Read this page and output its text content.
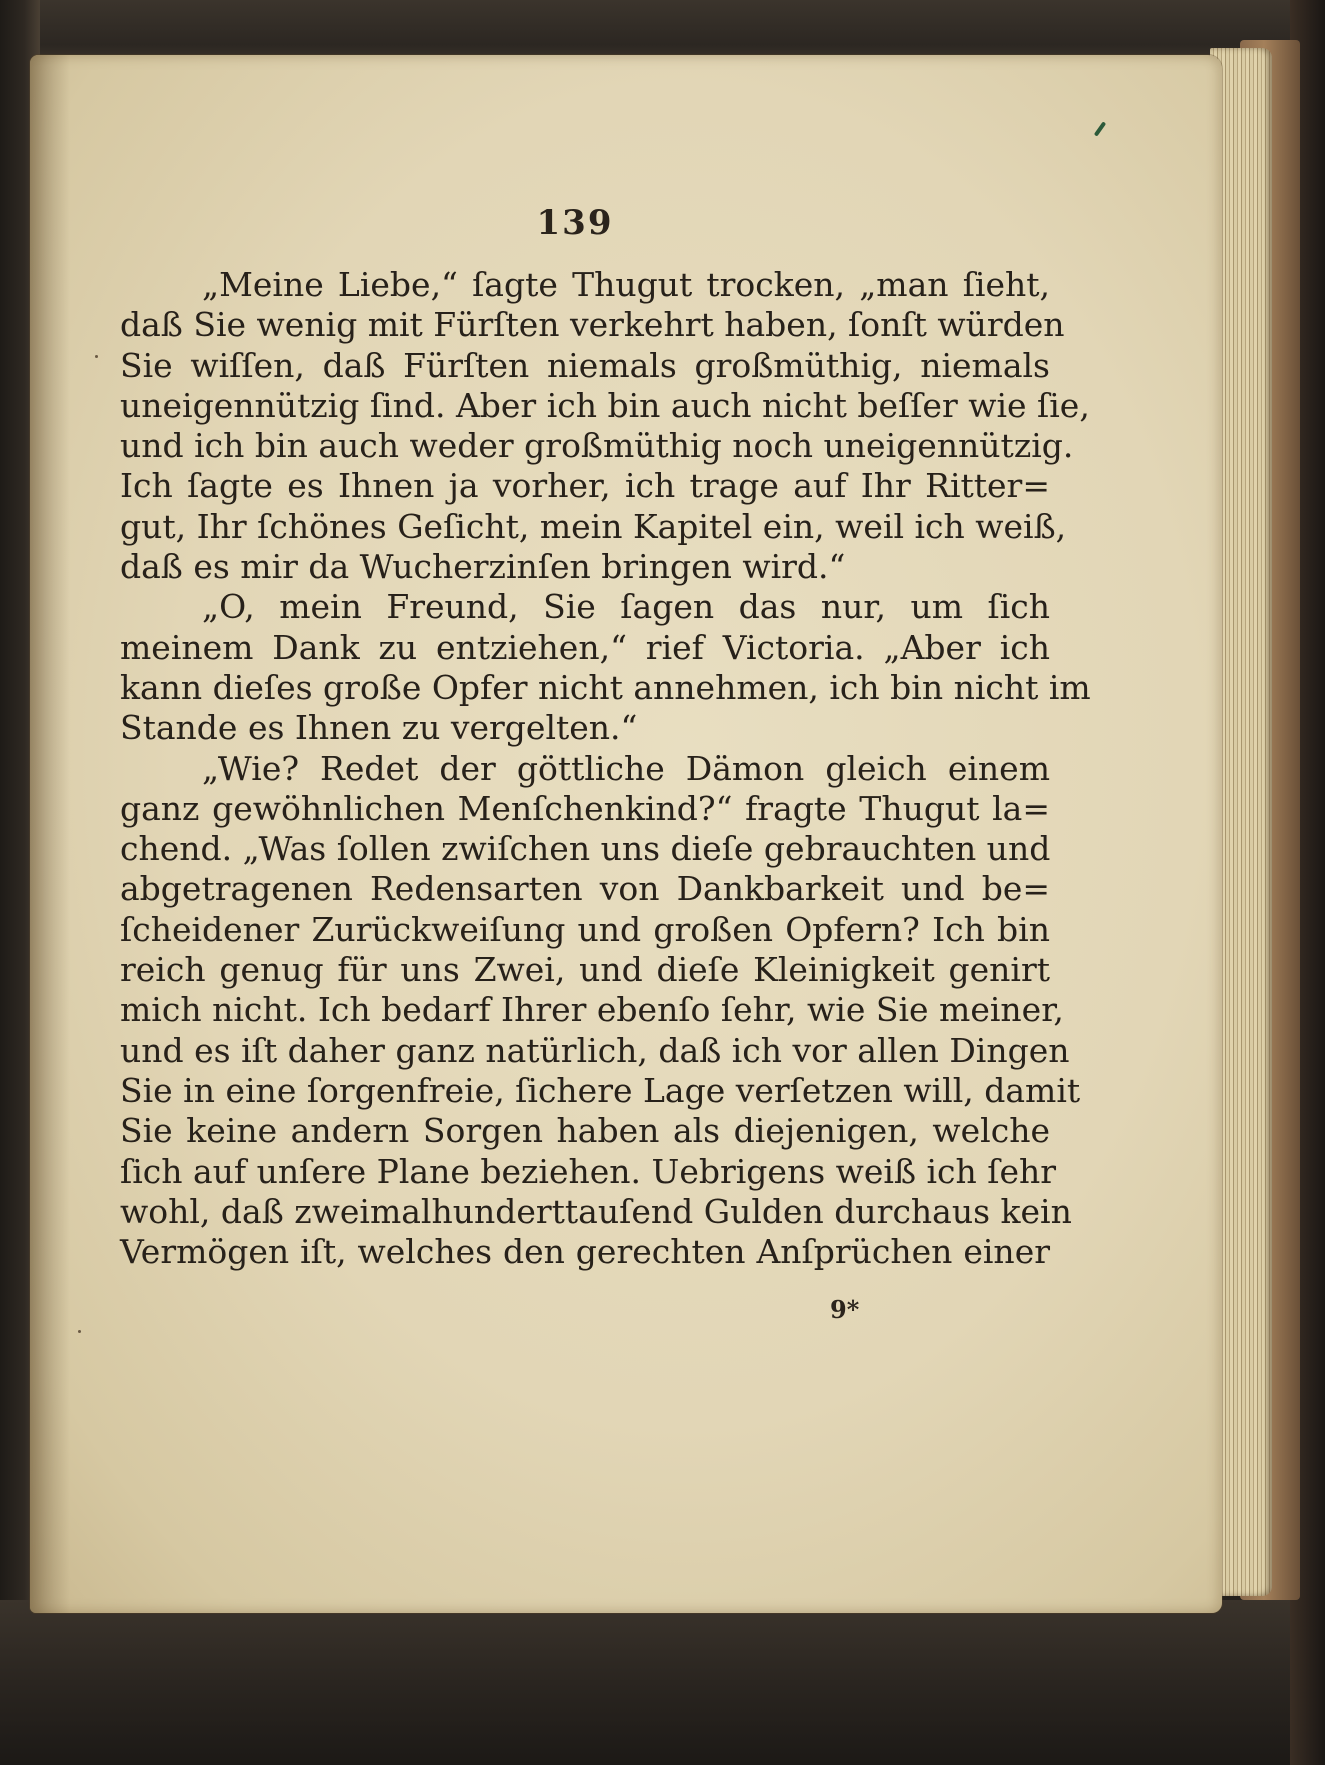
139
„Meine Liebe,“ ſagte Thugut trocken, „man ſieht,
daß Sie wenig mit Fürſten verkehrt haben, ſonſt würden
Sie wiſſen, daß Fürſten niemals großmüthig, niemals
uneigennützig ſind. Aber ich bin auch nicht beſſer wie ſie,
und ich bin auch weder großmüthig noch uneigennützig.
Ich ſagte es Ihnen ja vorher, ich trage auf Ihr Ritter=
gut, Ihr ſchönes Geſicht, mein Kapitel ein, weil ich weiß,
daß es mir da Wucherzinſen bringen wird.“
„O, mein Freund, Sie ſagen das nur, um ſich
meinem Dank zu entziehen,“ rief Victoria. „Aber ich
kann dieſes große Opfer nicht annehmen, ich bin nicht im
Stande es Ihnen zu vergelten.“
„Wie? Redet der göttliche Dämon gleich einem
ganz gewöhnlichen Menſchenkind?“ fragte Thugut la=
chend. „Was ſollen zwiſchen uns dieſe gebrauchten und
abgetragenen Redensarten von Dankbarkeit und be=
ſcheidener Zurückweiſung und großen Opfern? Ich bin
reich genug für uns Zwei, und dieſe Kleinigkeit genirt
mich nicht. Ich bedarf Ihrer ebenſo ſehr, wie Sie meiner,
und es iſt daher ganz natürlich, daß ich vor allen Dingen
Sie in eine ſorgenfreie, ſichere Lage verſetzen will, damit
Sie keine andern Sorgen haben als diejenigen, welche
ſich auf unſere Plane beziehen. Uebrigens weiß ich ſehr
wohl, daß zweimalhunderttauſend Gulden durchaus kein
Vermögen iſt, welches den gerechten Anſprüchen einer
9*
